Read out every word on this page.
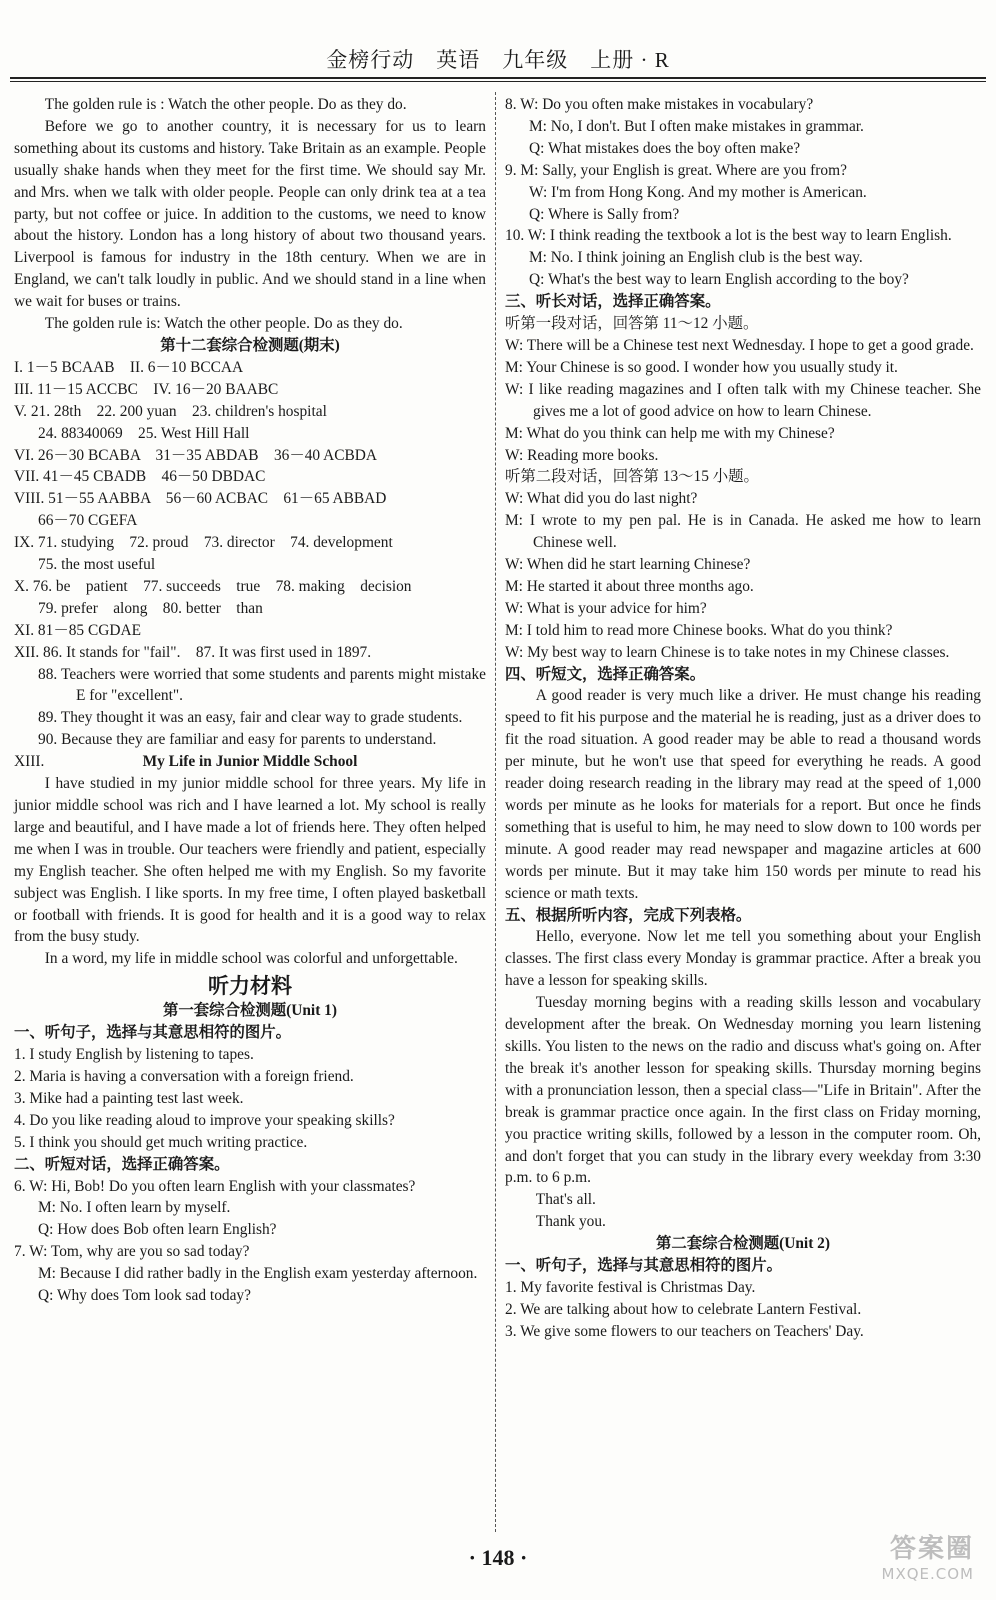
金榜行动　英语　九年级　上册 · R
The golden rule is : Watch the other people. Do as they do.
Before we go to another country, it is necessary for us to learn something about its customs and history. Take Britain as an example. People usually shake hands when they meet for the first time. We should say Mr. and Mrs. when we talk with older people. People can only drink tea at a tea party, but not coffee or juice. In addition to the customs, we need to know about the history. London has a long history of about two thousand years. Liverpool is famous for industry in the 18th century. When we are in England, we can't talk loudly in public. And we should stand in a line when we wait for buses or trains.
The golden rule is: Watch the other people. Do as they do.
第十二套综合检测题(期末)
I. 1－5 BCAAB　II. 6－10 BCCAA
III. 11－15 ACCBC　IV. 16－20 BAABC
V. 21. 28th　22. 200 yuan　23. children's hospital
24. 88340069　25. West Hill Hall
VI. 26－30 BCABA　31－35 ABDAB　36－40 ACBDA
VII. 41－45 CBADB　46－50 DBDAC
VIII. 51－55 AABBA　56－60 ACBAC　61－65 ABBAD
66－70 CGEFA
IX. 71. studying　72. proud　73. director　74. development
75. the most useful
X. 76. be　patient　77. succeeds　true　78. making　decision
79. prefer　along　80. better　than
XI. 81－85 CGDAE
XII. 86. It stands for "fail".　87. It was first used in 1897.
88. Teachers were worried that some students and parents might mistake E for "excellent".
89. They thought it was an easy, fair and clear way to grade students.
90. Because they are familiar and easy for parents to understand.
XIII.	My Life in Junior Middle School
I have studied in my junior middle school for three years. My life in junior middle school was rich and I have learned a lot. My school is really large and beautiful, and I have made a lot of friends here. They often helped me when I was in trouble. Our teachers were friendly and patient, especially my English teacher. She often helped me with my English. So my favorite subject was English. I like sports. In my free time, I often played basketball or football with friends. It is good for health and it is a good way to relax from the busy study.
In a word, my life in middle school was colorful and unforgettable.
听力材料
第一套综合检测题(Unit 1)
一、听句子，选择与其意思相符的图片。
1. I study English by listening to tapes.
2. Maria is having a conversation with a foreign friend.
3. Mike had a painting test last week.
4. Do you like reading aloud to improve your speaking skills?
5. I think you should get much writing practice.
二、听短对话，选择正确答案。
6. W: Hi, Bob! Do you often learn English with your classmates?
M: No. I often learn by myself.
Q: How does Bob often learn English?
7. W: Tom, why are you so sad today?
M: Because I did rather badly in the English exam yesterday afternoon.
Q: Why does Tom look sad today?
8. W: Do you often make mistakes in vocabulary?
M: No, I don't. But I often make mistakes in grammar.
Q: What mistakes does the boy often make?
9. M: Sally, your English is great. Where are you from?
W: I'm from Hong Kong. And my mother is American.
Q: Where is Sally from?
10. W: I think reading the textbook a lot is the best way to learn English.
M: No. I think joining an English club is the best way.
Q: What's the best way to learn English according to the boy?
三、听长对话，选择正确答案。
听第一段对话，回答第 11～12 小题。
W: There will be a Chinese test next Wednesday. I hope to get a good grade.
M: Your Chinese is so good. I wonder how you usually study it.
W: I like reading magazines and I often talk with my Chinese teacher. She gives me a lot of good advice on how to learn Chinese.
M: What do you think can help me with my Chinese?
W: Reading more books.
听第二段对话，回答第 13～15 小题。
W: What did you do last night?
M: I wrote to my pen pal. He is in Canada. He asked me how to learn Chinese well.
W: When did he start learning Chinese?
M: He started it about three months ago.
W: What is your advice for him?
M: I told him to read more Chinese books. What do you think?
W: My best way to learn Chinese is to take notes in my Chinese classes.
四、听短文，选择正确答案。
A good reader is very much like a driver. He must change his reading speed to fit his purpose and the material he is reading, just as a driver does to fit the road situation. A good reader may be able to read a thousand words per minute, but he won't use that speed for everything he reads. A good reader doing research reading in the library may read at the speed of 1,000 words per minute as he looks for materials for a report. But once he finds something that is useful to him, he may need to slow down to 100 words per minute. A good reader may read newspaper and magazine articles at 600 words per minute. But it may take him 150 words per minute to read his science or math texts.
五、根据所听内容，完成下列表格。
Hello, everyone. Now let me tell you something about your English classes. The first class every Monday is grammar practice. After a break you have a lesson for speaking skills.
Tuesday morning begins with a reading skills lesson and vocabulary development after the break. On Wednesday morning you learn listening skills. You listen to the news on the radio and discuss what's going on. After the break it's another lesson for speaking skills. Thursday morning begins with a pronunciation lesson, then a special class—"Life in Britain". After the break is grammar practice once again. In the first class on Friday morning, you practice writing skills, followed by a lesson in the computer room. Oh, and don't forget that you can study in the library every weekday from 3:30 p.m. to 6 p.m.
That's all.
Thank you.
第二套综合检测题(Unit 2)
一、听句子，选择与其意思相符的图片。
1. My favorite festival is Christmas Day.
2. We are talking about how to celebrate Lantern Festival.
3. We give some flowers to our teachers on Teachers' Day.
· 148 ·	答案圈
MXQE.COM
